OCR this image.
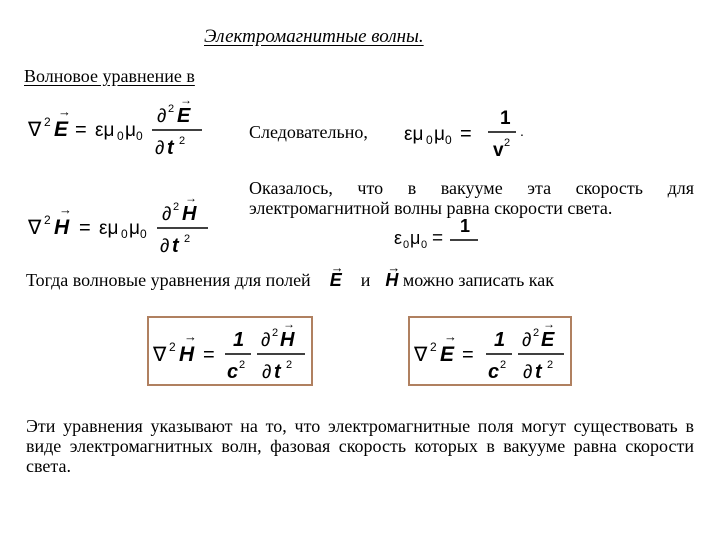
Электромагнитные волны.
Волновое уравнение в
∇ 2 E
→
= εμ 0 μ 0
∂ 2 E
→
∂ t 2
∇ 2 H
→
= εμ 0 μ 0
∂ 2 H
→
∂ t 2
Следовательно, εμ 0 μ 0 =
1
v 2
.
Оказалось, что в вакууме эта скорость для электромагнитной волны равна скорости света.
ε 0 μ 0 =
1
Тогда волновые уравнения для полей
→
E и
→
H можно записать как
∇ 2 H
→
=
1
c 2
∂ 2 H
→
∂ t 2	∇ 2 E
→
=
1
c 2
∂ 2 E
→
∂ t 2
Эти уравнения указывают на то, что электромагнитные поля могут существовать в виде электромагнитных волн, фазовая скорость которых в вакууме равна скорости света.
